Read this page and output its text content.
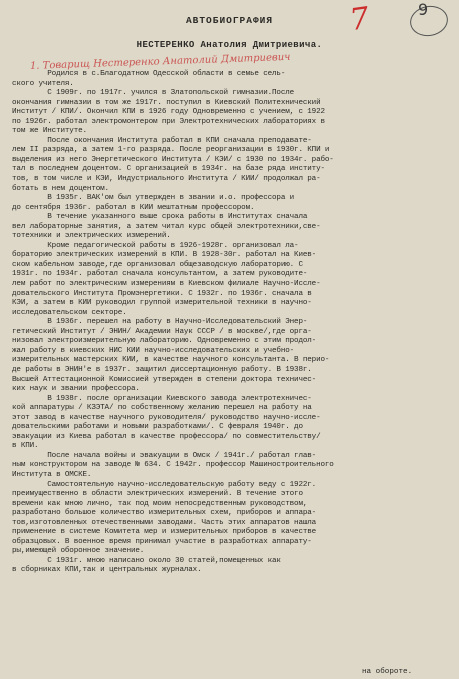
9
7
АВТОБИОГРАФИЯ
НЕСТЕРЕНКО Анатолия Дмитриевича.
1. Товарищ Нестеренко Анатолий Дмитриевич
Родился в с.Благодатном Одесской области в семье сель-
ского учителя.
С 1909г. по 1917г. учился в Златопольской гимназии.После
окончания гимназии в том же 1917г. поступил в Киевский Политехнический
Институт / КПИ/. Окончил КПИ в 1926 году Одновременно с учением, с 1922
по 1926г. работал электромонтером при Электротехнических лабораториях в
том же Институте.
После окончания Института работал в КПИ сначала преподавате-
лем II разряда, а затем 1-го разряда. После реорганизации в 1930г. КПИ и
выделения из него Энергетического Института / КЭИ/ с 1930 по 1934г. рабо-
тал в последнем доцентом. С организацией в 1934г. на базе ряда институ-
тов, в том числе и КЭИ, Индустриального Института / КИИ/ продолжал ра-
ботать в нем доцентом.
В 1935г. ВАК'ом был утвержден в звании и.о. профессора и
до сентября 1936г. работал в КИИ мештатным профессором.
В течение указанного выше срока работы в Институтах сначала
вел лабораторные занятия, а затем читал курс общей электротехники,све-
тотехники и электрических измерений.
Кроме педагогической работы в 1926-1928г. организовал ла-
бораторию электрических измерений в КПИ. В 1928-30г. работал на Киев-
ском кабельном заводе,где организовал общезаводскую лабораторию. С
1931г. по 1934г. работал сначала консультантом, а затем руководите-
лем работ по электрическим измерениям в Киевском филиале Научно-Иссле-
довательского Института Промэнергетики. С 1932г. по 1936г. сначала в
КЭИ, а затем в КИИ руководил группой измерительной техники в научно-
исследовательском секторе.
В 1936г. перешел на работу в Научно-Исследовательский Энер-
гетический Институт / ЭНИН/ Академии Наук СССР / в москве/,где орга-
низовал электроизмерительную лабораторию. Одновременно с этим продол-
жал работу в киевских НИС КИИ научно-исследовательских и учебно-
измерительных мастерских КИИ, в качестве научного консультанта. В перио-
де работы в ЭНИН'е в 1937г. защитил диссертационную работу. В 1938г.
Высшей Аттестационной Комиссией утвержден в степени доктора техничес-
ких наук и звании профессора.
В 1938г. после организации Киевского завода электротехничес-
кой аппаратуры / КЗЭТА/ по собственному желанию перешел на работу на
этот завод в качестве научного руководителя/ руководство научно-иссле-
довательскими работами и новыми разработками/. С февраля 1940г. до
эвакуации из Киева работал в качестве профессора/ по совместительству/
в КПИ.
После начала войны и эвакуации в Омск / 1941г./ работал глав-
ным конструктором на заводе № 634. С 1942г. профессор Машиностроительного
Института в ОМСКЕ.
Самостоятельную научно-исследовательскую работу веду с 1922г.
преимущественно в области электрических измерений. В течение этого
времени как мною лично, так под моим непосредственным руководством,
разработано большое количество измерительных схем, приборов и аппара-
тов,изготовленных отечественными заводами. Часть этих аппаратов нашла
применение в системе Комитета мер и измерительных приборов в качестве
образцовых. В военное время принимал участие в разработках аппарату-
ры,имеющей оборонное значение.
С 1931г. мною написано около 30 статей,помещенных как
в сборниках КПИ,так и центральных журналах.
на обороте.
